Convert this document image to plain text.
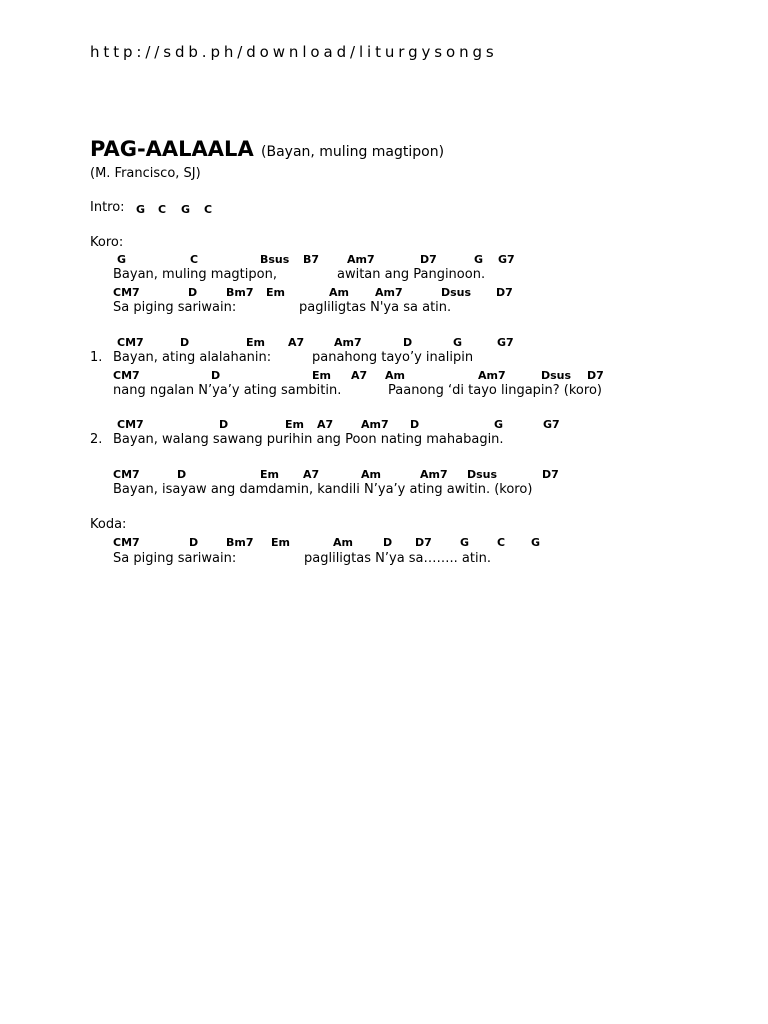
http://sdb.ph/download/liturgysongs
PAG-AALAALA (Bayan, muling magtipon)
(M. Francisco, SJ)
Intro: G C G C
Koro:
G	C	Bsus B7	Am7	D7	G G7
Bayan, muling magtipon,	awitan ang Panginoon.
CM7	D	Bm7 Em	Am Am7	Dsus D7
Sa piging sariwain:	pagliligtas N'ya sa atin.
CM7	D	Em A7	Am7	D	G	G7
1. Bayan, ating alalahanin:	panahong tayo’y inalipin
CM7	D	Em A7 Am	Am7	Dsus D7
nang ngalan N’ya’y ating sambitin.	Paanong ‘di tayo lingapin? (koro)
CM7	D	Em A7	Am7 D	G	G7
2. Bayan, walang sawang purihin ang Poon nating mahabagin.
CM7	D	Em A7	Am	Am7 Dsus	D7
Bayan, isayaw ang damdamin, kandili N’ya’y ating awitin. (koro)
Koda:
CM7	D	Bm7 Em	Am	D D7	G	C G
Sa piging sariwain:	pagliligtas N’ya sa…….. atin.
